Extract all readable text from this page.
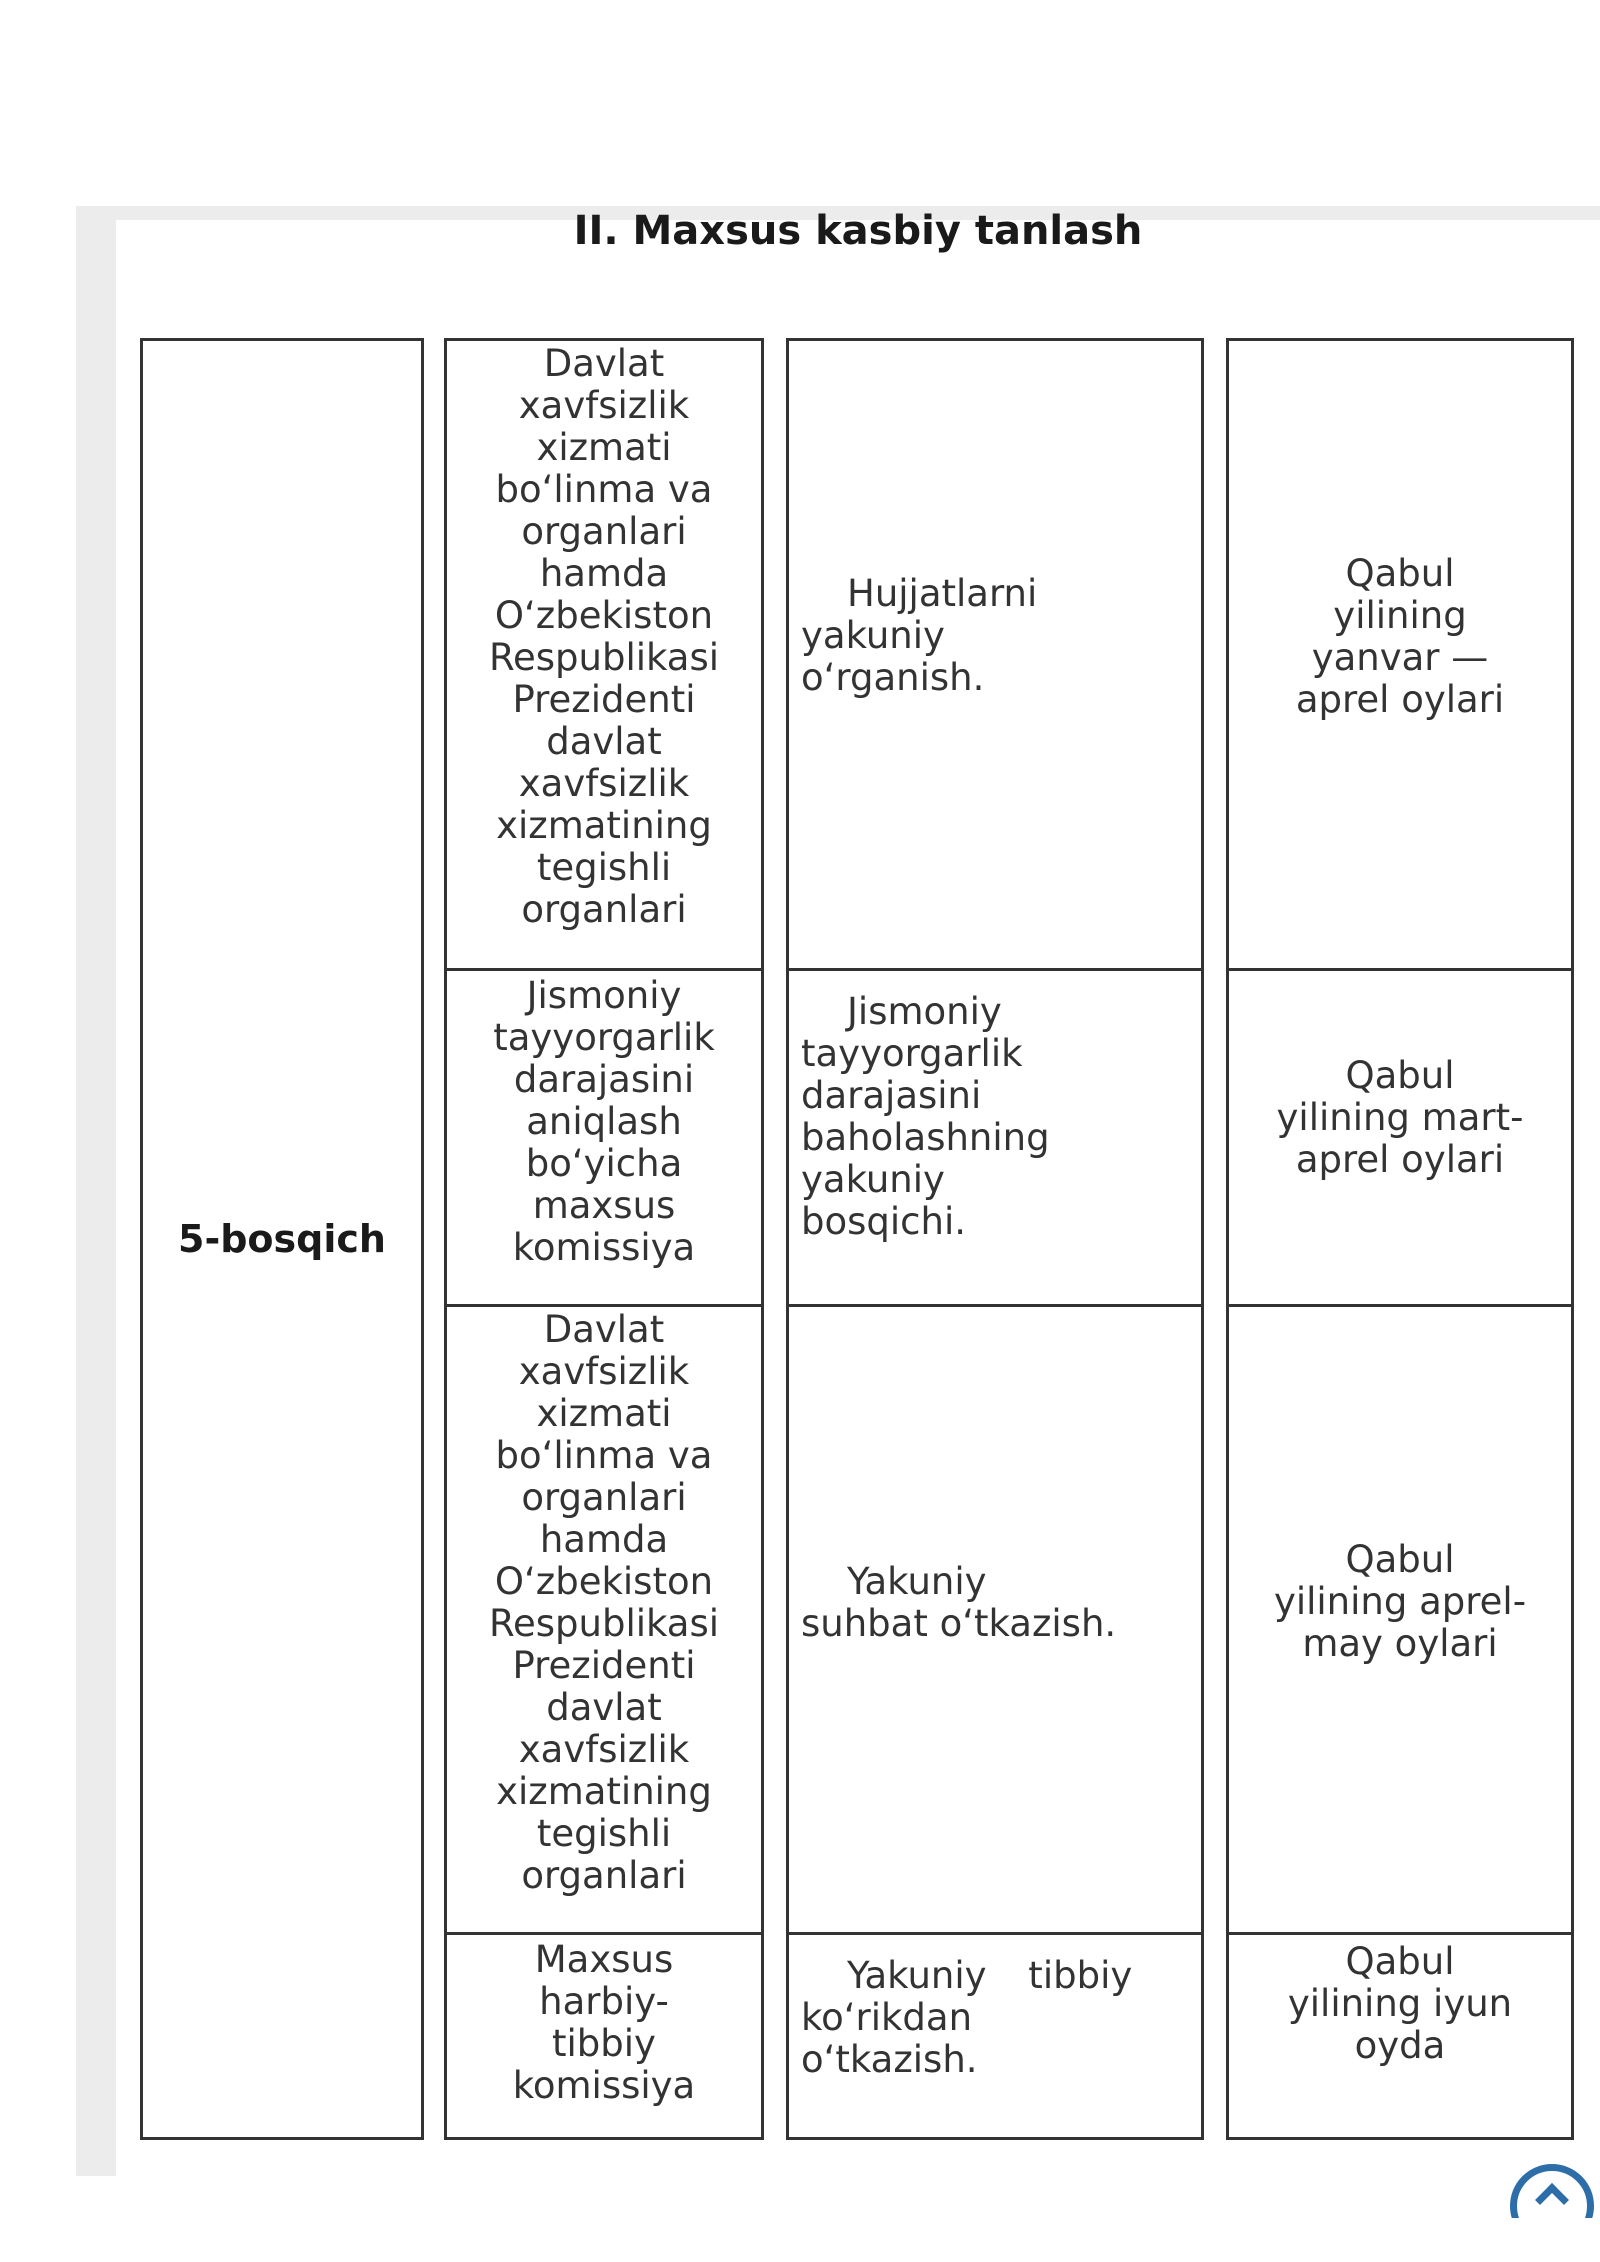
II. Maxsus kasbiy tanlash
5-bosqich
Davlat
xavfsizlik
xizmati
bo‘linma va
organlari
hamda
O‘zbekiston
Respublikasi
Prezidenti
davlat
xavfsizlik
xizmatining
tegishli
organlari
Jismoniy
tayyorgarlik
darajasini
aniqlash
bo‘yicha
maxsus
komissiya
Davlat
xavfsizlik
xizmati
bo‘linma va
organlari
hamda
O‘zbekiston
Respublikasi
Prezidenti
davlat
xavfsizlik
xizmatining
tegishli
organlari
Maxsus
harbiy-
tibbiy
komissiya
Hujjatlarni
yakuniy
o‘rganish.
Jismoniy
tayyorgarlik
darajasini
baholashning
yakuniy
bosqichi.
Yakuniy
suhbat o‘tkazish.
Yakuniy tibbiy
ko‘rikdan
o‘tkazish.
Qabul
yilining
yanvar —
aprel oylari
Qabul
yilining mart-
aprel oylari
Qabul
yilining aprel-
may oylari
Qabul
yilining iyun
oyda
